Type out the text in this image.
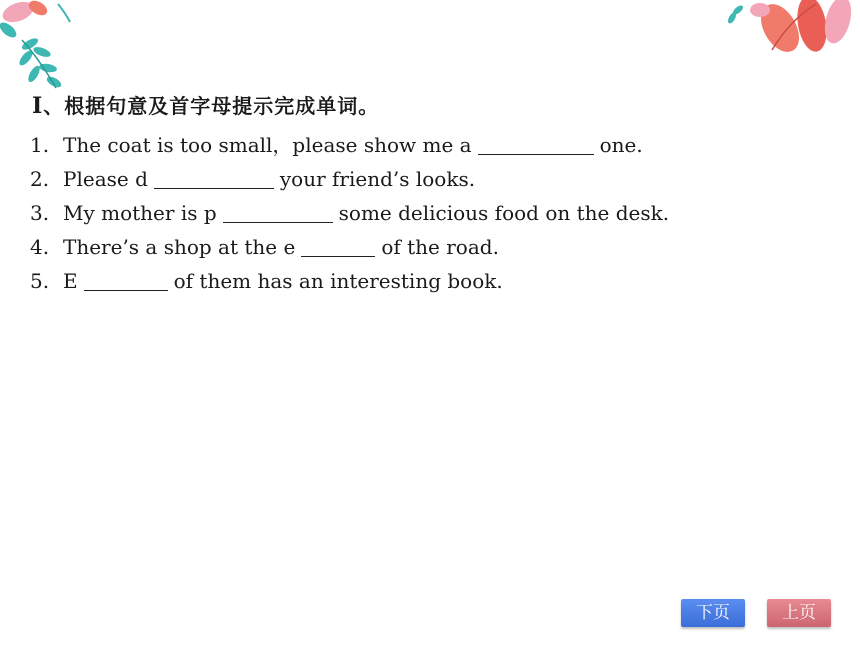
Ⅰ、根据句意及首字母提示完成单词。
1. The coat is too small，please show me a	one.
2. Please d	your friend’s looks.
3. My mother is p	some delicious food on the desk.
4. There’s a shop at the e	of the road.
5. E	of them has an interesting book.
下页	上页
